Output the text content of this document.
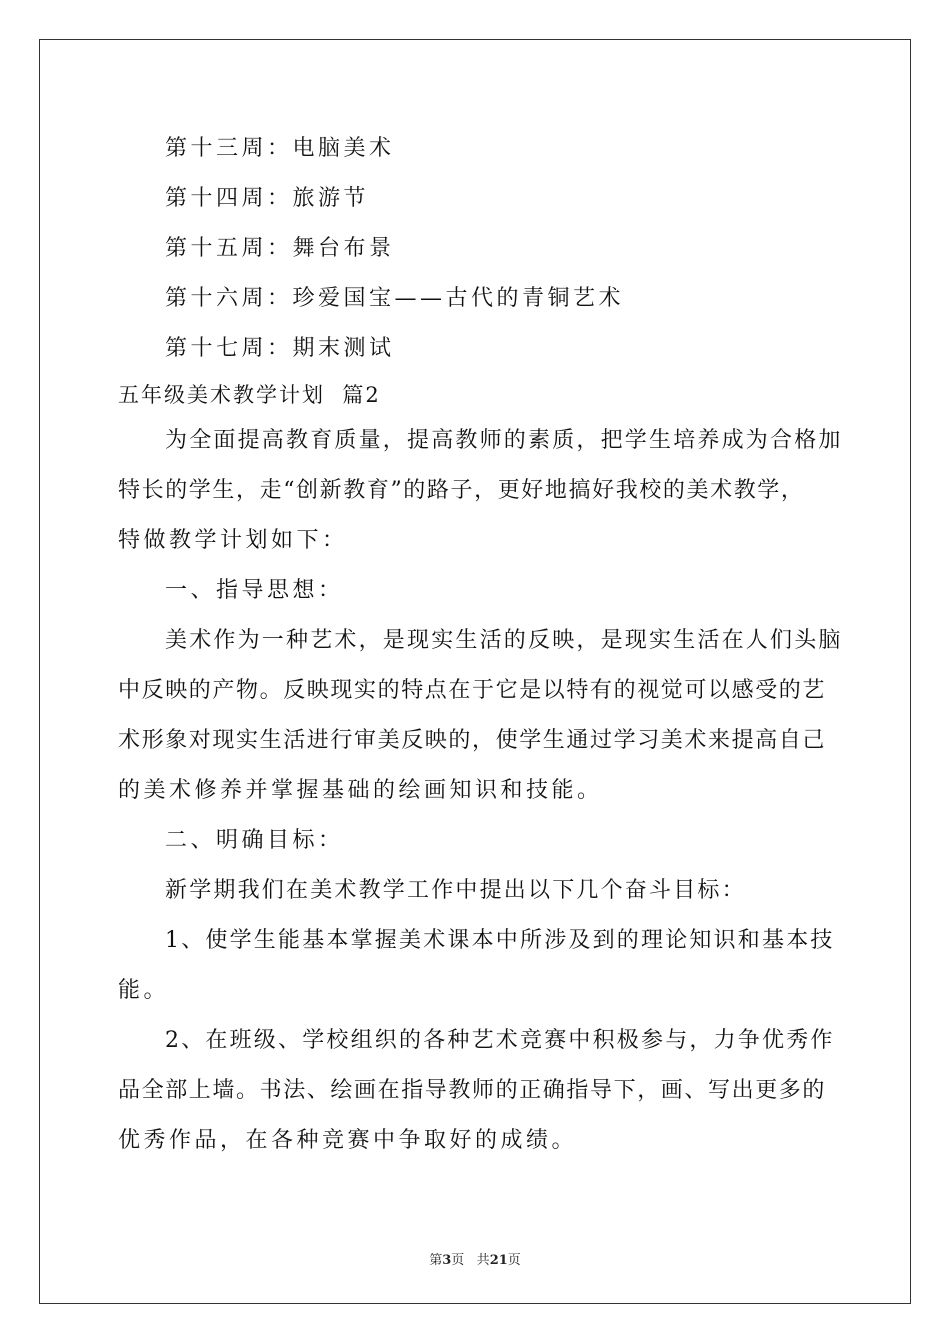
第十三周：电脑美术
第十四周：旅游节
第十五周：舞台布景
第十六周：珍爱国宝——古代的青铜艺术
第十七周：期末测试
五年级美术教学计划  篇2
为全面提高教育质量，提高教师的素质，把学生培养成为合格加
特长的学生，走“创新教育”的路子，更好地搞好我校的美术教学，
特做教学计划如下：
一、指导思想：
美术作为一种艺术，是现实生活的反映，是现实生活在人们头脑
中反映的产物。反映现实的特点在于它是以特有的视觉可以感受的艺
术形象对现实生活进行审美反映的，使学生通过学习美术来提高自己
的美术修养并掌握基础的绘画知识和技能。
二、明确目标：
新学期我们在美术教学工作中提出以下几个奋斗目标：
1、使学生能基本掌握美术课本中所涉及到的理论知识和基本技
能。
2、在班级、学校组织的各种艺术竞赛中积极参与，力争优秀作
品全部上墙。书法、绘画在指导教师的正确指导下，画、写出更多的
优秀作品，在各种竞赛中争取好的成绩。
第3页 共21页
